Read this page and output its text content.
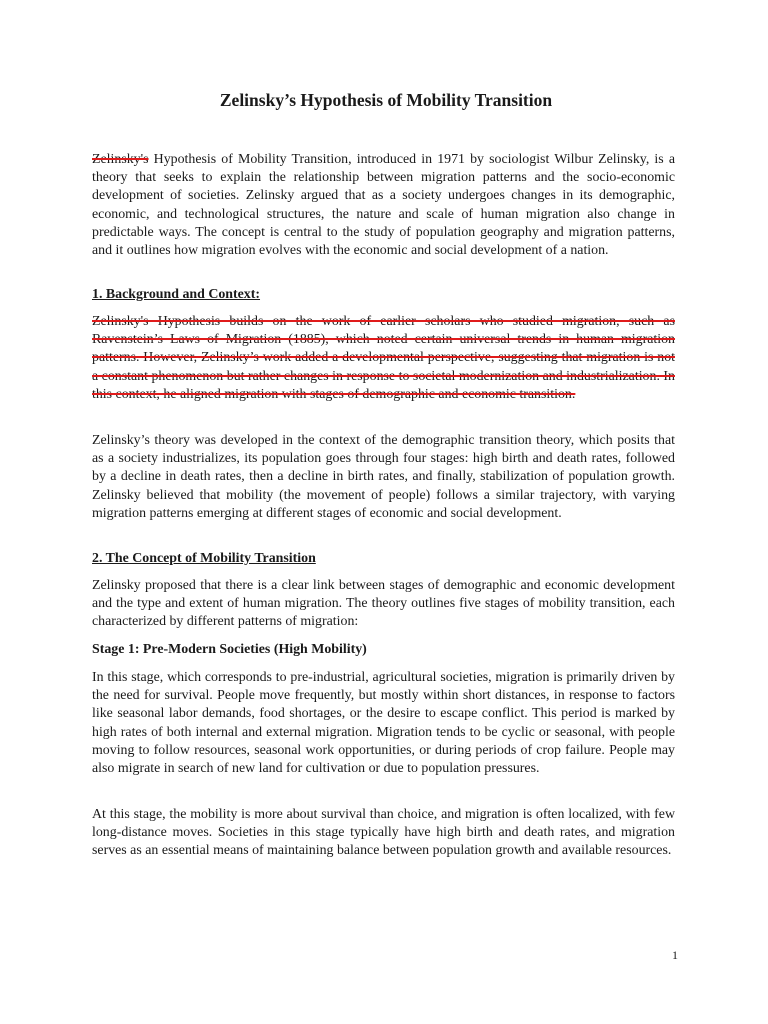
Zelinsky’s Hypothesis of Mobility Transition

Zelinsky's Hypothesis of Mobility Transition, introduced in 1971 by sociologist Wilbur Zelinsky, is a theory that seeks to explain the relationship between migration patterns and the socio-economic development of societies. Zelinsky argued that as a society undergoes changes in its demographic, economic, and technological structures, the nature and scale of human migration also change in predictable ways. The concept is central to the study of population geography and migration patterns, and it outlines how migration evolves with the economic and social development of a nation.

1. Background and Context:

Zelinsky's Hypothesis builds on the work of earlier scholars who studied migration, such as Ravenstein’s Laws of Migration (1885), which noted certain universal trends in human migration patterns. However, Zelinsky’s work added a developmental perspective, suggesting that migration is not a constant phenomenon but rather changes in response to societal modernization and industrialization. In this context, he aligned migration with stages of demographic and economic transition.

Zelinsky’s theory was developed in the context of the demographic transition theory, which posits that as a society industrializes, its population goes through four stages: high birth and death rates, followed by a decline in death rates, then a decline in birth rates, and finally, stabilization of population growth. Zelinsky believed that mobility (the movement of people) follows a similar trajectory, with varying migration patterns emerging at different stages of economic and social development.

2. The Concept of Mobility Transition

Zelinsky proposed that there is a clear link between stages of demographic and economic development and the type and extent of human migration. The theory outlines five stages of mobility transition, each characterized by different patterns of migration:

Stage 1: Pre-Modern Societies (High Mobility)

In this stage, which corresponds to pre-industrial, agricultural societies, migration is primarily driven by the need for survival. People move frequently, but mostly within short distances, in response to factors like seasonal labor demands, food shortages, or the desire to escape conflict. This period is marked by high rates of both internal and external migration. Migration tends to be cyclic or seasonal, with people moving to follow resources, seasonal work opportunities, or during periods of crop failure. People may also migrate in search of new land for cultivation or due to population pressures.

At this stage, the mobility is more about survival than choice, and migration is often localized, with few long-distance moves. Societies in this stage typically have high birth and death rates, and migration serves as an essential means of maintaining balance between population growth and available resources.

1
